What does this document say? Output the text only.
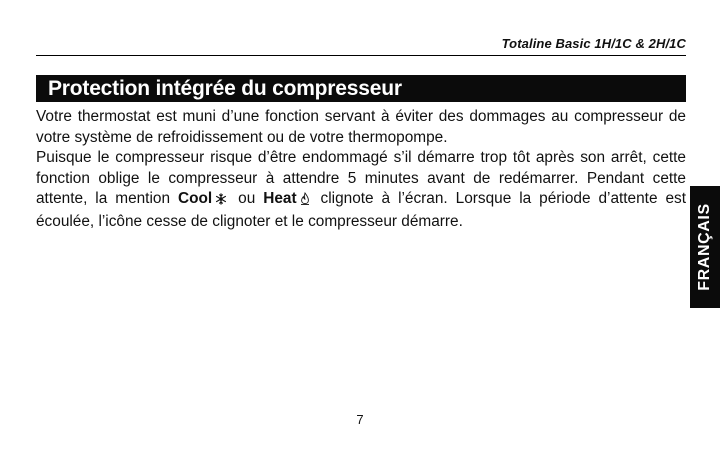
Totaline Basic 1H/1C & 2H/1C
Protection intégrée du compresseur

Votre thermostat est muni d’une fonction servant à éviter des dommages au compresseur de votre système de refroidissement ou de votre thermopompe.

Puisque le compresseur risque d’être endommagé s’il démarre trop tôt après son arrêt, cette fonction oblige le compresseur à attendre 5 minutes avant de redémarrer. Pendant cette attente, la mention Cool ou Heat clignote à l’écran. Lorsque la période d’attente est écoulée, l’icône cesse de clignoter et le compresseur démarre.	FRANÇAIS
7
